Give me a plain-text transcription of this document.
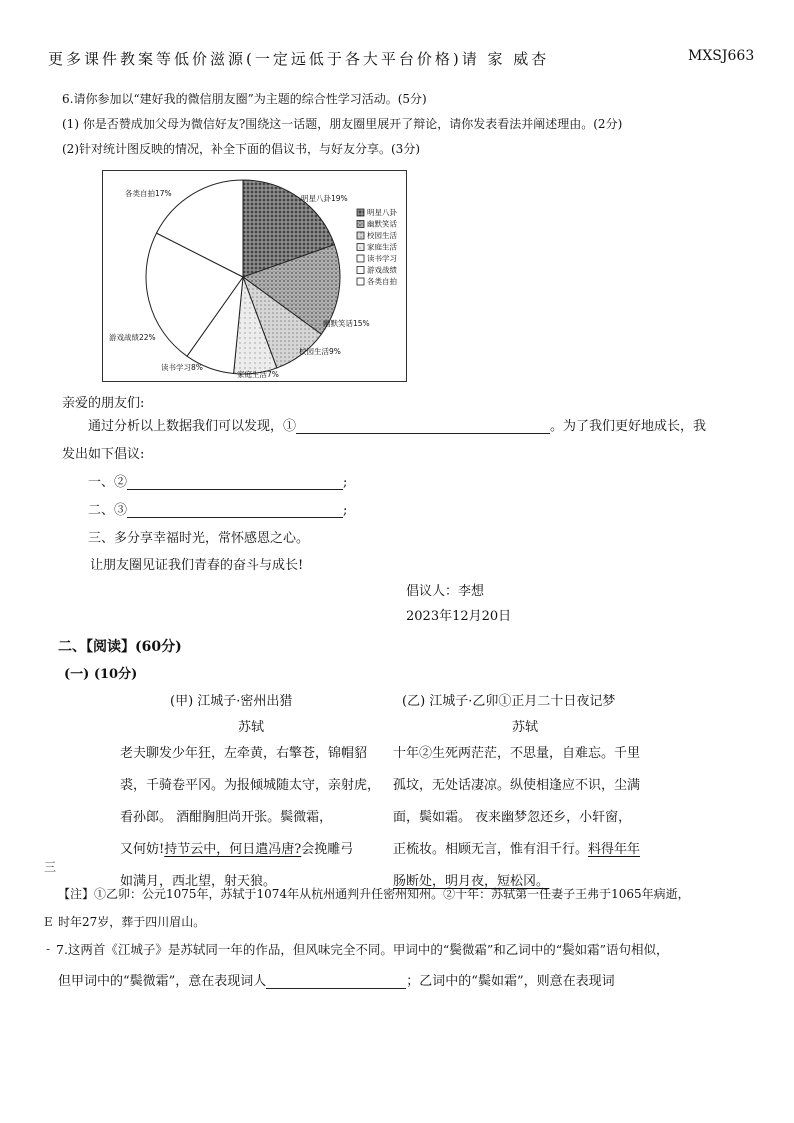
更多课件教案等低价滋源(一定远低于各大平台价格)请 家 威杏	MXSJ663
6.请你参加以“建好我的微信朋友圈”为主题的综合性学习活动。(5分)
(1) 你是否赞成加父母为微信好友?围绕这一话题，朋友圈里展开了辩论，请你发表看法并阐述理由。(2分)
(2)针对统计图反映的情况，补全下面的倡议书，与好友分享。(3分)
明星八卦19%
幽默笑话15%
校园生活9%
家庭生活7%
读书学习8%
游戏战绩22%
各类自拍17%
明星八卦
幽默笑话
校园生活
家庭生活
读书学习
游戏战绩
各类自拍
亲爱的朋友们:
通过分析以上数据我们可以发现，①	。为了我们更好地成长，我
发出如下倡议:
一、②	;
二、③	;
三、多分享幸福时光，常怀感恩之心。
让朋友圈见证我们青春的奋斗与成长!
倡议人：李想
2023年12月20日
二、【阅读】(60分)
(一) (10分)
(甲) 江城子·密州出猎
苏轼
老夫聊发少年狂，左牵黄，右擎苍，锦帽貂
裘，千骑卷平冈。为报倾城随太守，亲射虎，
看孙郎。 酒酣胸胆尚开张。鬓微霜，
又何妨!持节云中，何日遣冯唐?会挽雕弓
如满月，西北望，射天狼。
(乙) 江城子·乙卯①正月二十日夜记梦
苏轼
十年②生死两茫茫，不思量，自难忘。千里
孤坟，无处话凄凉。纵使相逢应不识，尘满
面，鬓如霜。 夜来幽梦忽还乡，小轩窗，
正梳妆。相顾无言，惟有泪千行。料得年年
肠断处，明月夜，短松冈。
三
E
-
【注】①乙卯：公元1075年，苏轼于1074年从杭州通判升任密州知州。②十年：苏轼第一任妻子王弗于1065年病逝，
时年27岁，葬于四川眉山。
7.这两首《江城子》是苏轼同一年的作品，但风味完全不同。甲词中的“鬓微霜”和乙词中的“鬓如霜”语句相似，
但甲词中的“鬓微霜”，意在表现词人	；乙词中的“鬓如霜”，则意在表现词
